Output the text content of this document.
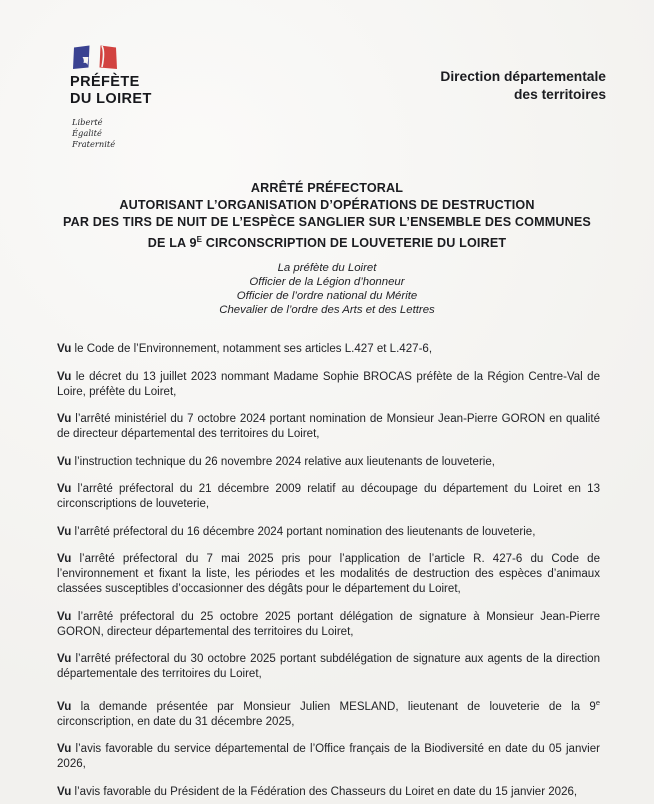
PRÉFÈTE
DU LOIRET
Liberté
Égalité
Fraternité
Direction départementale
des territoires
ARRÊTÉ PRÉFECTORAL
AUTORISANT L’ORGANISATION D’OPÉRATIONS DE DESTRUCTION
PAR DES TIRS DE NUIT DE L’ESPÈCE SANGLIER SUR L’ENSEMBLE DES COMMUNES
DE LA $9^E$ CIRCONSCRIPTION DE LOUVETERIE DU LOIRET
La préfète du Loiret
Officier de la Légion d’honneur
Officier de l’ordre national du Mérite
Chevalier de l’ordre des Arts et des Lettres

Vu le Code de l’Environnement, notamment ses articles L.427 et L.427-6,

Vu le décret du 13 juillet 2023 nommant Madame Sophie BROCAS préfète de la Région Centre-Val de Loire, préfète du Loiret,

Vu l’arrêté ministériel du 7 octobre 2024 portant nomination de Monsieur Jean-Pierre GORON en qualité de directeur départemental des territoires du Loiret,

Vu l’instruction technique du 26 novembre 2024 relative aux lieutenants de louveterie,

Vu l’arrêté préfectoral du 21 décembre 2009 relatif au découpage du département du Loiret en 13 circonscriptions de louveterie,

Vu l’arrêté préfectoral du 16 décembre 2024 portant nomination des lieutenants de louveterie,

Vu l’arrêté préfectoral du 7 mai 2025 pris pour l’application de l’article R. 427-6 du Code de l’environnement et fixant la liste, les périodes et les modalités de destruction des espèces d’animaux classées susceptibles d’occasionner des dégâts pour le département du Loiret,

Vu l’arrêté préfectoral du 25 octobre 2025 portant délégation de signature à Monsieur Jean-Pierre GORON, directeur départemental des territoires du Loiret,

Vu l’arrêté préfectoral du 30 octobre 2025 portant subdélégation de signature aux agents de la direction départementale des territoires du Loiret,

Vu la demande présentée par Monsieur Julien MESLAND, lieutenant de louveterie de la 9e circonscription, en date du 31 décembre 2025,

Vu l’avis favorable du service départemental de l’Office français de la Biodiversité en date du 05 janvier 2026,

Vu l’avis favorable du Président de la Fédération des Chasseurs du Loiret en date du 15 janvier 2026,
